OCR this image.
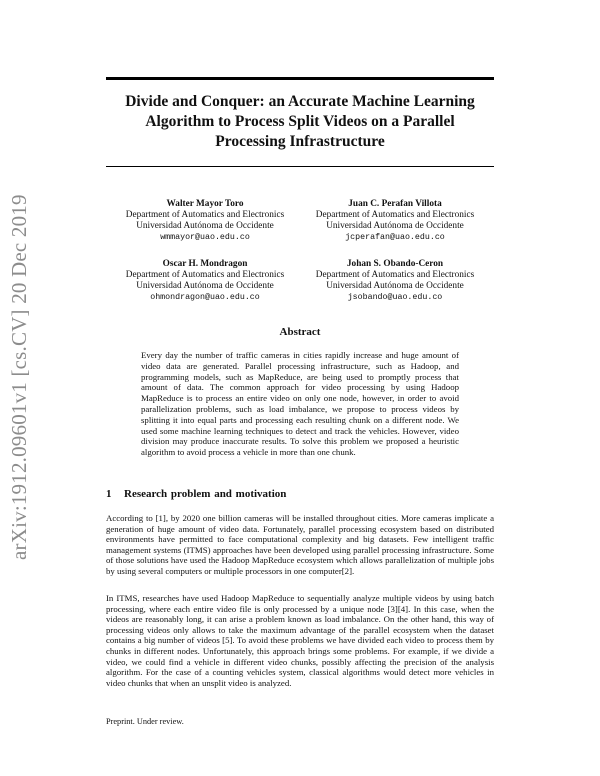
arXiv:1912.09601v1 [cs.CV] 20 Dec 2019
Divide and Conquer: an Accurate Machine Learning
Algorithm to Process Split Videos on a Parallel
Processing Infrastructure
Walter Mayor Toro
Department of Automatics and Electronics
Universidad Autónoma de Occidente
wmmayor@uao.edu.co
Juan C. Perafan Villota
Department of Automatics and Electronics
Universidad Autónoma de Occidente
jcperafan@uao.edu.co
Oscar H. Mondragon
Department of Automatics and Electronics
Universidad Autónoma de Occidente
ohmondragon@uao.edu.co
Johan S. Obando-Ceron
Department of Automatics and Electronics
Universidad Autónoma de Occidente
jsobando@uao.edu.co
Abstract
Every day the number of traffic cameras in cities rapidly increase and huge amount of video data are generated. Parallel processing infrastructure, such as Hadoop, and programming models, such as MapReduce, are being used to promptly process that amount of data. The common approach for video processing by using Hadoop MapReduce is to process an entire video on only one node, however, in order to avoid parallelization problems, such as load imbalance, we propose to process videos by splitting it into equal parts and processing each resulting chunk on a different node. We used some machine learning techniques to detect and track the vehicles. However, video division may produce inaccurate results. To solve this problem we proposed a heuristic algorithm to avoid process a vehicle in more than one chunk.
1 Research problem and motivation

According to [1], by 2020 one billion cameras will be installed throughout cities. More cameras implicate a generation of huge amount of video data. Fortunately, parallel processing ecosystem based on distributed environments have permitted to face computational complexity and big datasets. Few intelligent traffic management systems (ITMS) approaches have been developed using parallel processing infrastructure. Some of those solutions have used the Hadoop MapReduce ecosystem which allows parallelization of multiple jobs by using several computers or multiple processors in one computer[2].

In ITMS, researches have used Hadoop MapReduce to sequentially analyze multiple videos by using batch processing, where each entire video file is only processed by a unique node [3][4]. In this case, when the videos are reasonably long, it can arise a problem known as load imbalance. On the other hand, this way of processing videos only allows to take the maximum advantage of the parallel ecosystem when the dataset contains a big number of videos [5]. To avoid these problems we have divided each video to process them by chunks in different nodes. Unfortunately, this approach brings some problems. For example, if we divide a video, we could find a vehicle in different video chunks, possibly affecting the precision of the analysis algorithm. For the case of a counting vehicles system, classical algorithms would detect more vehicles in video chunks that when an unsplit video is analyzed.

Preprint. Under review.
